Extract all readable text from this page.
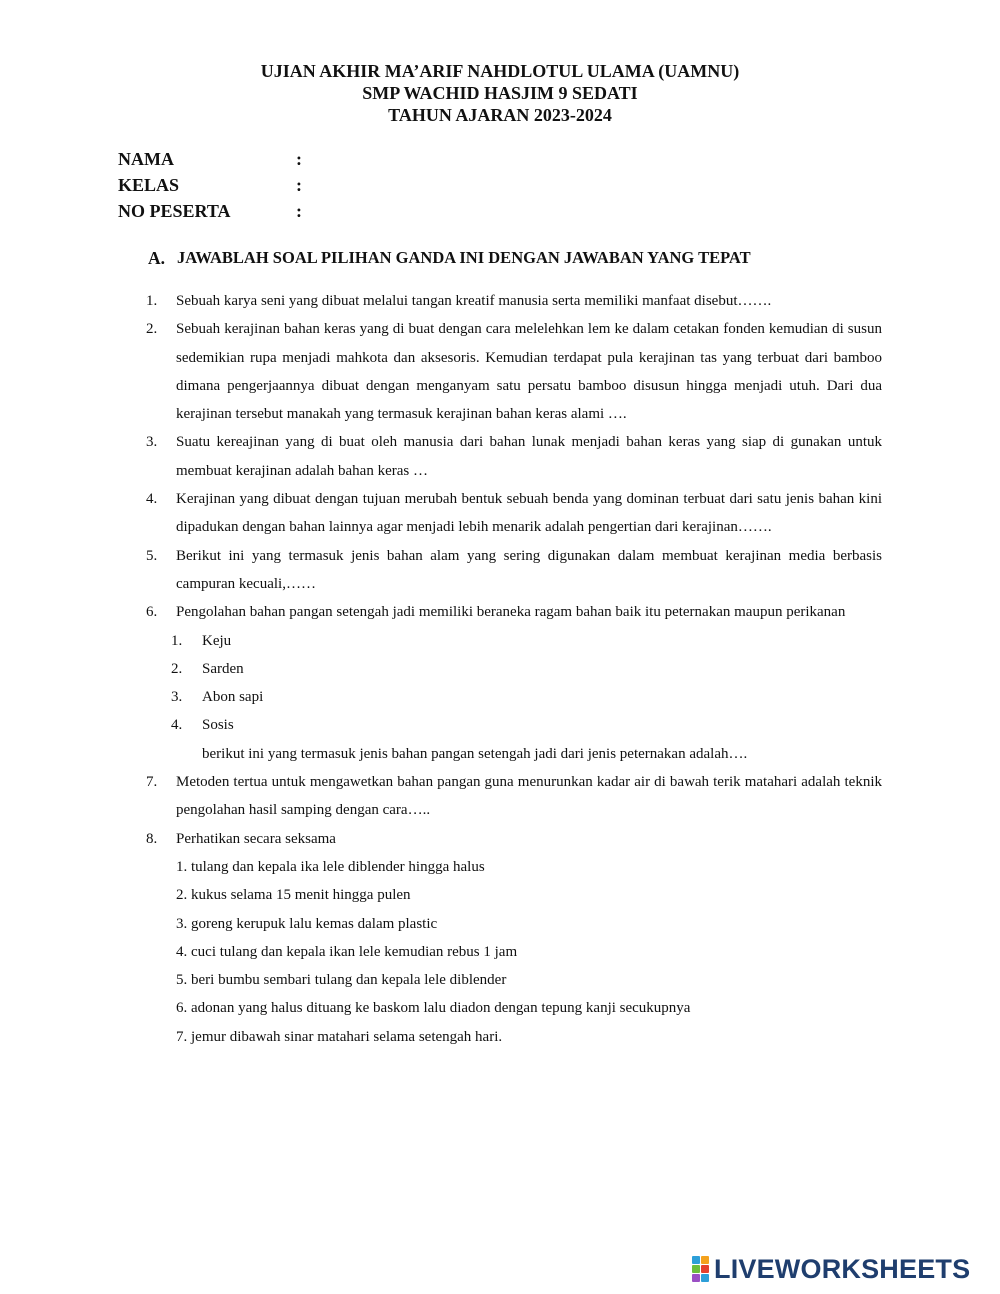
UJIAN AKHIR MA’ARIF NAHDLOTUL ULAMA (UAMNU)
SMP WACHID HASJIM 9 SEDATI
TAHUN AJARAN 2023-2024
NAMA	:
KELAS	:
NO PESERTA	:
A. JAWABLAH SOAL PILIHAN GANDA INI DENGAN JAWABAN YANG TEPAT
1.	Sebuah karya seni yang dibuat melalui tangan kreatif manusia serta memiliki manfaat disebut…….
2.	Sebuah kerajinan bahan keras yang di buat dengan cara melelehkan lem ke dalam cetakan fonden kemudian di susun sedemikian rupa menjadi mahkota dan aksesoris. Kemudian terdapat pula kerajinan tas yang terbuat dari bamboo dimana pengerjaannya dibuat dengan menganyam satu persatu bamboo disusun hingga menjadi utuh. Dari dua kerajinan tersebut manakah yang termasuk kerajinan bahan keras alami ….
3.	Suatu kereajinan yang di buat oleh manusia dari bahan lunak menjadi bahan keras yang siap di gunakan untuk membuat kerajinan adalah bahan keras …
4.	Kerajinan yang dibuat dengan tujuan merubah bentuk sebuah benda yang dominan terbuat dari satu jenis bahan kini dipadukan dengan bahan lainnya agar menjadi lebih menarik adalah pengertian dari kerajinan…….
5.	Berikut ini yang termasuk jenis bahan alam yang sering digunakan dalam membuat kerajinan media berbasis campuran kecuali,……
6.	Pengolahan bahan pangan setengah jadi memiliki beraneka ragam bahan baik itu peternakan maupun perikanan
1.	Keju
2.	Sarden
3.	Abon sapi
4.	Sosis
berikut ini yang termasuk jenis bahan pangan setengah jadi dari jenis peternakan adalah….
7.	Metoden tertua untuk mengawetkan bahan pangan guna menurunkan kadar air di bawah terik matahari adalah teknik pengolahan hasil samping dengan cara…..
8.	Perhatikan secara seksama
1. tulang dan kepala ika lele diblender hingga halus
2. kukus selama 15 menit hingga pulen
3. goreng kerupuk lalu kemas dalam plastic
4. cuci tulang dan kepala ikan lele kemudian rebus 1 jam
5. beri bumbu sembari tulang dan kepala lele diblender
6. adonan yang halus dituang ke baskom lalu diadon dengan tepung kanji secukupnya
7. jemur dibawah sinar matahari selama setengah hari.
LIVEWORKSHEETS
